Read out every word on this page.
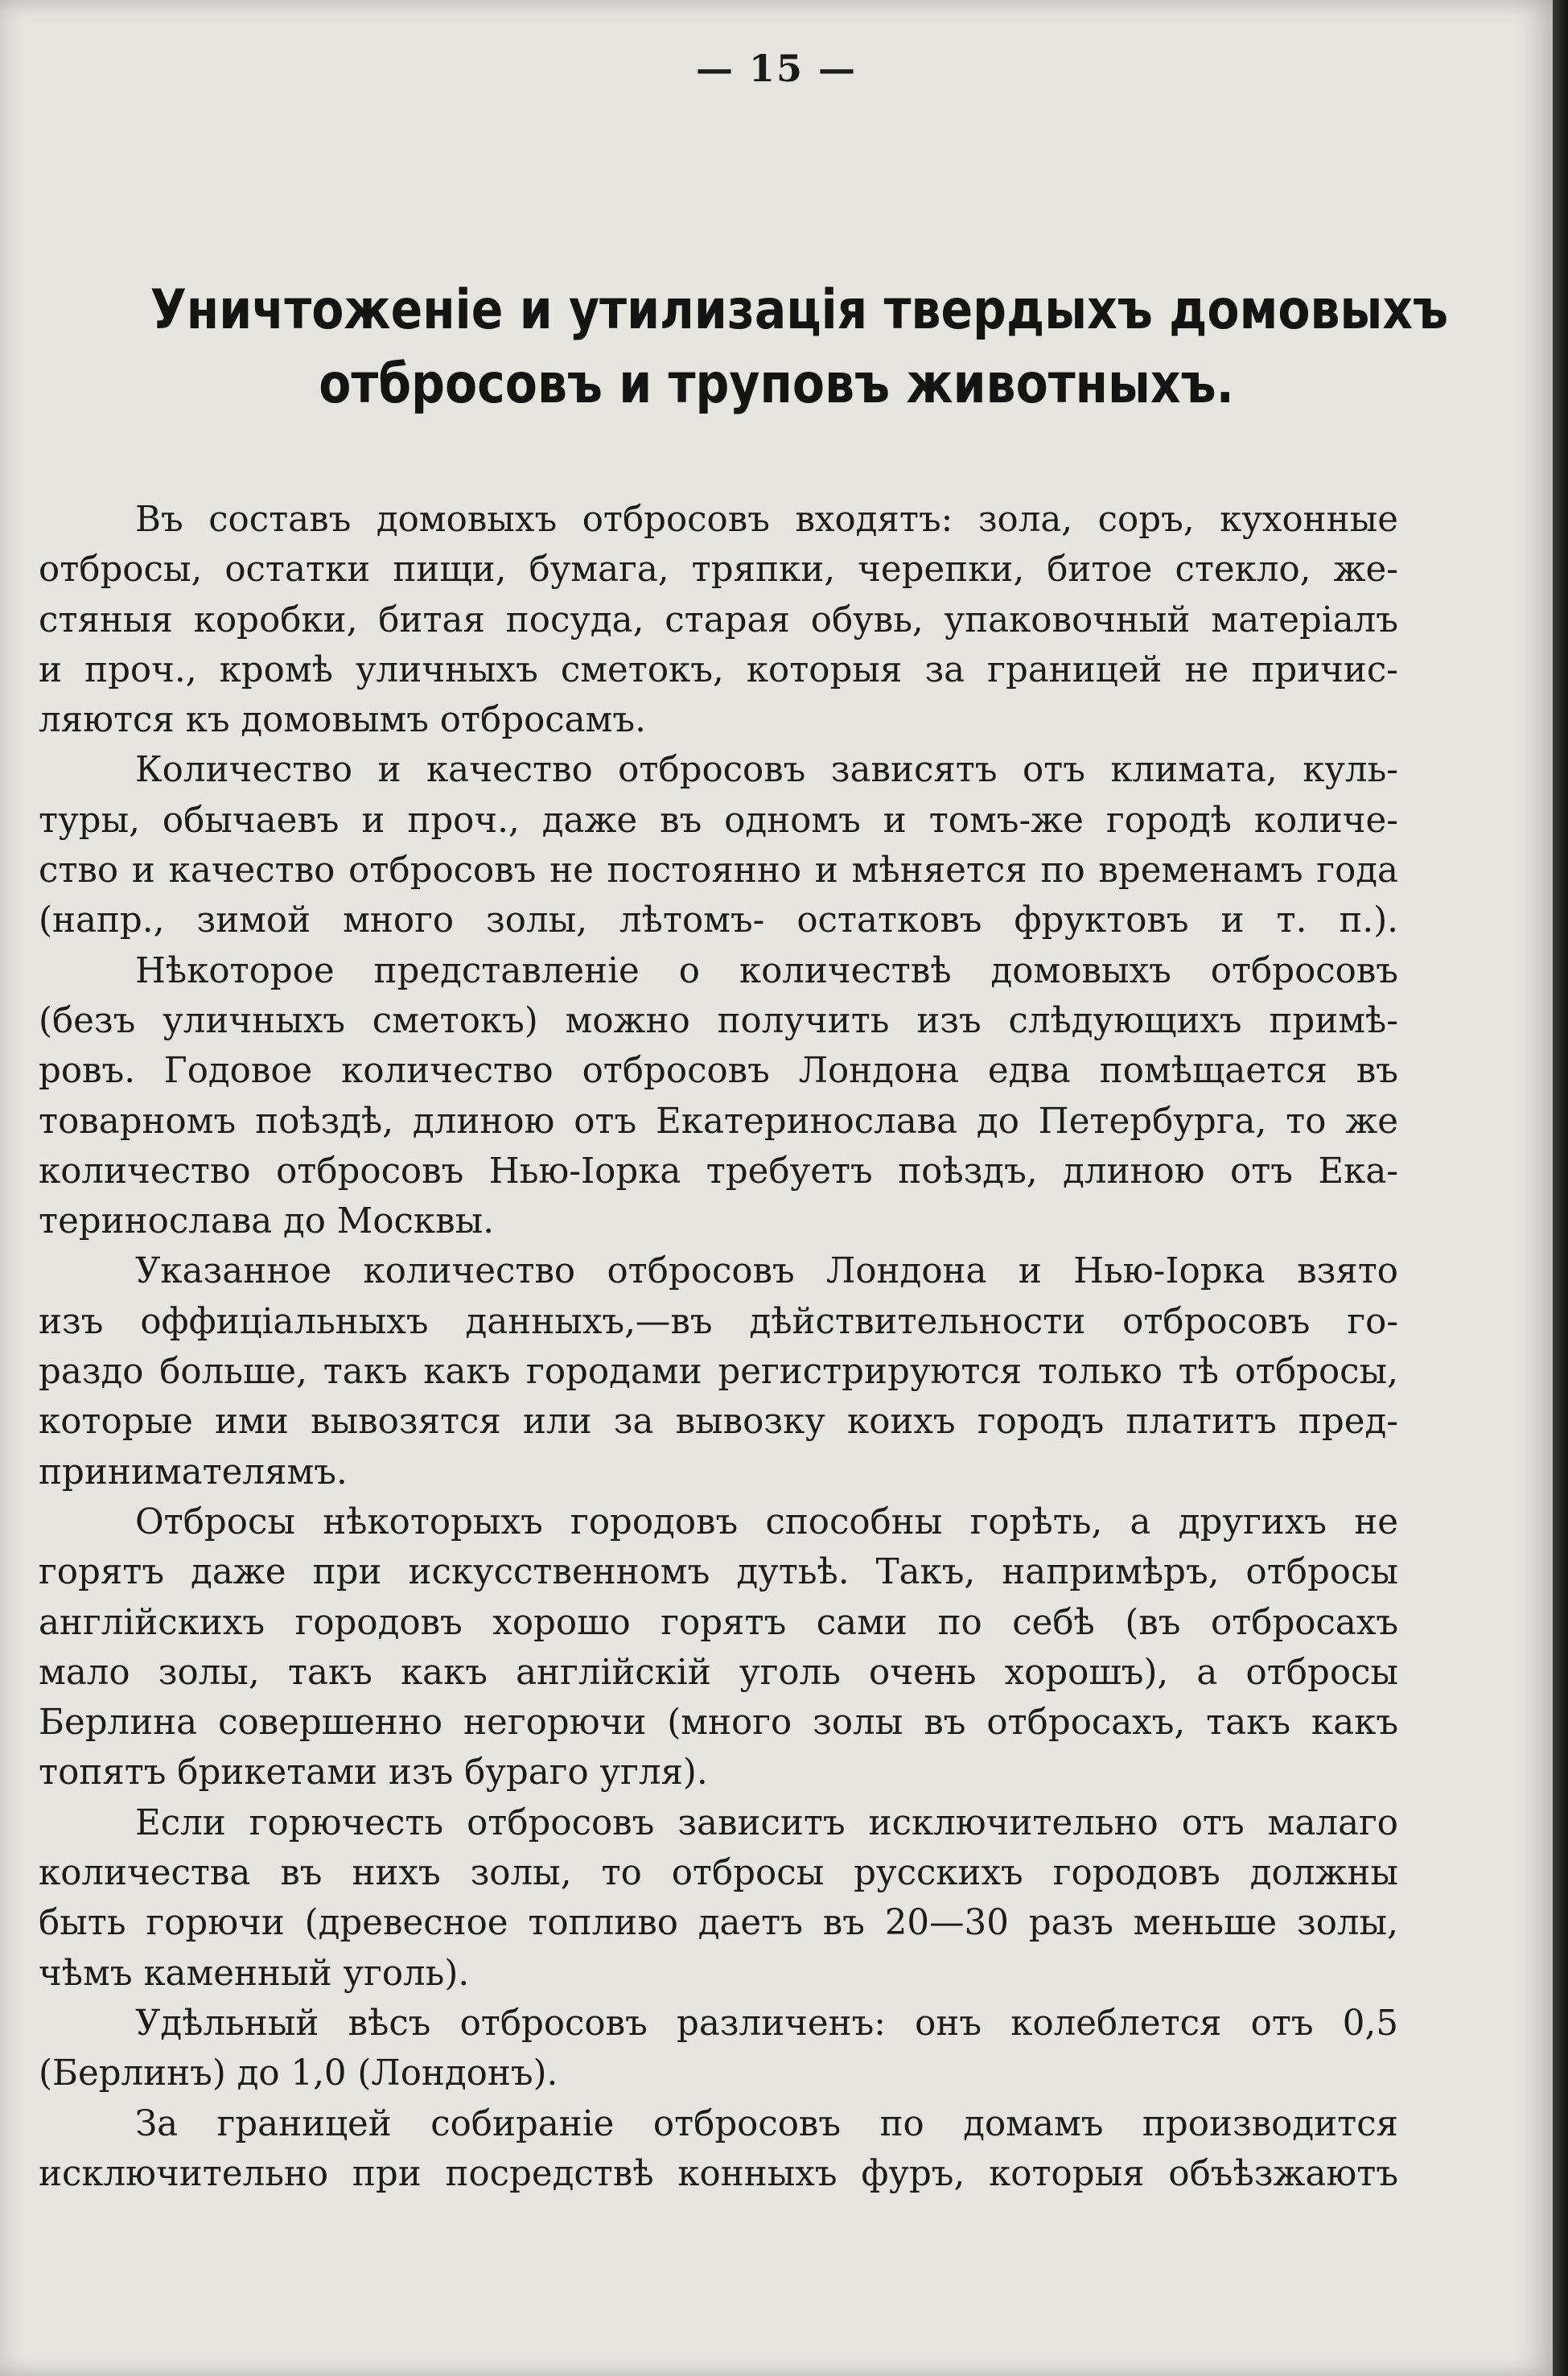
— 15 —
Уничтоженіе и утилизація твердыхъ домовыхъ
отбросовъ и труповъ животныхъ.
Въ составъ домовыхъ отбросовъ входятъ: зола, соръ, кухонные
отбросы, остатки пищи, бумага, тряпки, черепки, битое стекло, же-
стяныя коробки, битая посуда, старая обувь, упаковочный матеріалъ
и проч., кромѣ уличныхъ сметокъ, которыя за границей не причис-
ляются къ домовымъ отбросамъ.
Количество и качество отбросовъ зависятъ отъ климата, куль-
туры, обычаевъ и проч., даже въ одномъ и томъ-же городѣ количе-
ство и качество отбросовъ не постоянно и мѣняется по временамъ года
(напр., зимой много золы, лѣтомъ- остатковъ фруктовъ и т. п.).
Нѣкоторое представленіе о количествѣ домовыхъ отбросовъ
(безъ уличныхъ сметокъ) можно получить изъ слѣдующихъ примѣ-
ровъ. Годовое количество отбросовъ Лондона едва помѣщается въ
товарномъ поѣздѣ, длиною отъ Екатеринослава до Петербурга, то же
количество отбросовъ Нью-Іорка требуетъ поѣздъ, длиною отъ Ека-
теринослава до Москвы.
Указанное количество отбросовъ Лондона и Нью-Іорка взято
изъ оффиціальныхъ данныхъ,—въ дѣйствительности отбросовъ го-
раздо больше, такъ какъ городами регистрируются только тѣ отбросы,
которые ими вывозятся или за вывозку коихъ городъ платитъ пред-
принимателямъ.
Отбросы нѣкоторыхъ городовъ способны горѣть, а другихъ не
горятъ даже при искусственномъ дутьѣ. Такъ, напримѣръ, отбросы
англійскихъ городовъ хорошо горятъ сами по себѣ (въ отбросахъ
мало золы, такъ какъ англійскій уголь очень хорошъ), а отбросы
Берлина совершенно негорючи (много золы въ отбросахъ, такъ какъ
топятъ брикетами изъ бураго угля).
Если горючесть отбросовъ зависитъ исключительно отъ малаго
количества въ нихъ золы, то отбросы русскихъ городовъ должны
быть горючи (древесное топливо даетъ въ 20—30 разъ меньше золы,
чѣмъ каменный уголь).
Удѣльный вѣсъ отбросовъ различенъ: онъ колеблется отъ 0,5
(Берлинъ) до 1,0 (Лондонъ).
За границей собираніе отбросовъ по домамъ производится
исключительно при посредствѣ конныхъ фуръ, которыя объѣзжаютъ
